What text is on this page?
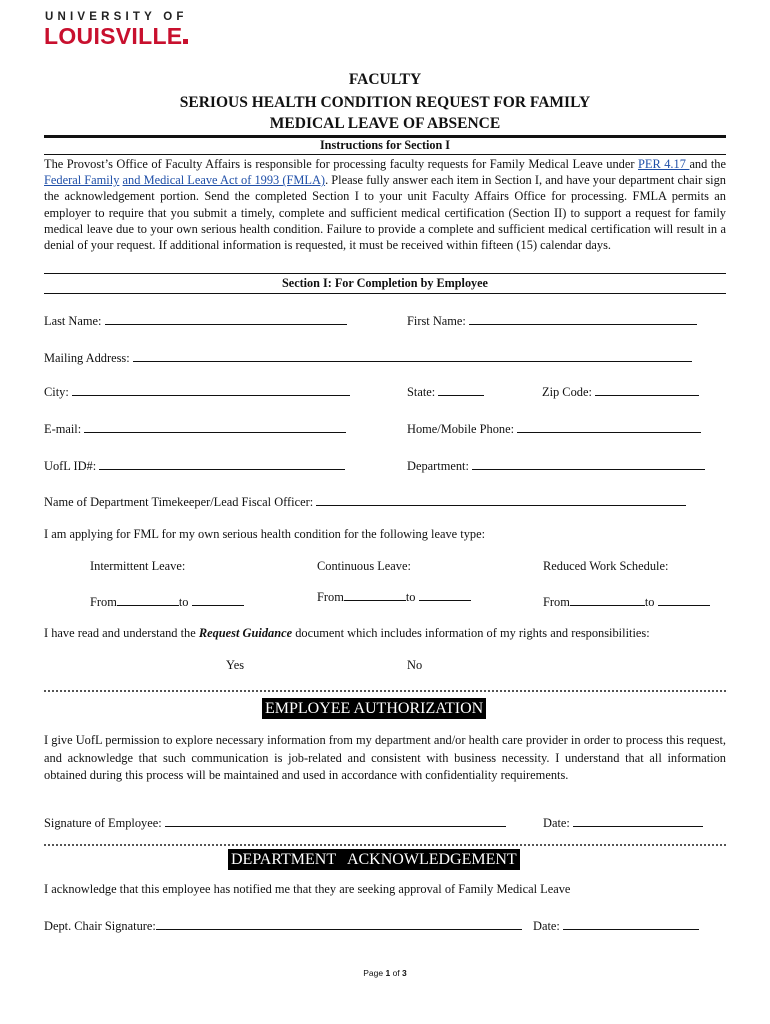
UNIVERSITY OF
LOUISVILLE
FACULTY
SERIOUS HEALTH CONDITION REQUEST FOR FAMILY
MEDICAL LEAVE OF ABSENCE
Instructions for Section I
The Provost’s Office of Faculty Affairs is responsible for processing faculty requests for Family Medical Leave under PER 4.17 and the Federal Family and Medical Leave Act of 1993 (FMLA). Please fully answer each item in Section I, and have your department chair sign the acknowledgement portion. Send the completed Section I to your unit Faculty Affairs Office for processing. FMLA permits an employer to require that you submit a timely, complete and sufficient medical certification (Section II) to support a request for family medical leave due to your own serious health condition. Failure to provide a complete and sufficient medical certification will result in a denial of your request. If additional information is requested, it must be received within fifteen (15) calendar days.
Section I: For Completion by Employee
Last Name:	First Name:
Mailing Address:
City:	State:	Zip Code:
E-mail:	Home/Mobile Phone:
UofL ID#:	Department:
Name of Department Timekeeper/Lead Fiscal Officer:
I am applying for FML for my own serious health condition for the following leave type:
Intermittent Leave:	Continuous Leave:	Reduced Work Schedule:
From	to	From	to	From	to
I have read and understand the Request Guidance document which includes information of my rights and responsibilities:
Yes	No
EMPLOYEE AUTHORIZATION
I give UofL permission to explore necessary information from my department and/or health care provider in order to process this request, and acknowledge that such communication is job-related and consistent with business necessity. I understand that all information obtained during this process will be maintained and used in accordance with confidentiality requirements.
Signature of Employee:	Date:
DEPARTMENT   ACKNOWLEDGEMENT
I acknowledge that this employee has notified me that they are seeking approval of Family Medical Leave
Dept. Chair Signature:	Date:
Page 1 of 3
